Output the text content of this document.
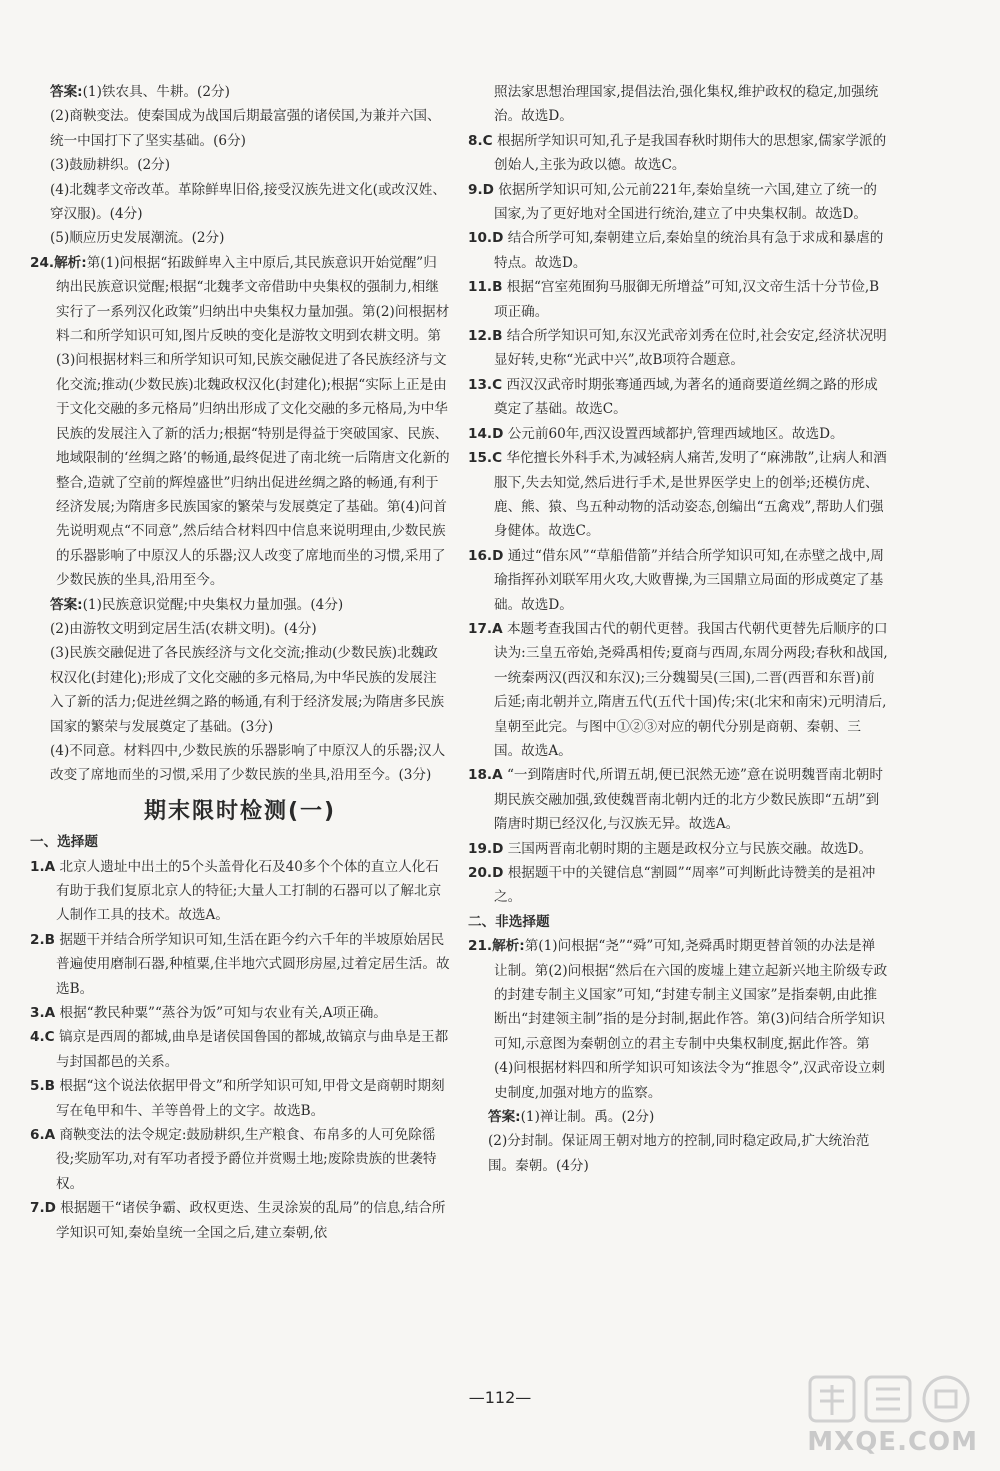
答案:(1)铁农具、牛耕。(2分)

(2)商鞅变法。使秦国成为战国后期最富强的诸侯国,为兼并六国、统一中国打下了坚实基础。(6分)

(3)鼓励耕织。(2分)

(4)北魏孝文帝改革。革除鲜卑旧俗,接受汉族先进文化(或改汉姓、穿汉服)。(4分)

(5)顺应历史发展潮流。(2分)

24.解析:第(1)问根据“拓跋鲜卑入主中原后,其民族意识开始觉醒”归纳出民族意识觉醒;根据“北魏孝文帝借助中央集权的强制力,相继实行了一系列汉化政策”归纳出中央集权力量加强。第(2)问根据材料二和所学知识可知,图片反映的变化是游牧文明到农耕文明。第(3)问根据材料三和所学知识可知,民族交融促进了各民族经济与文化交流;推动(少数民族)北魏政权汉化(封建化);根据“实际上正是由于文化交融的多元格局”归纳出形成了文化交融的多元格局,为中华民族的发展注入了新的活力;根据“特别是得益于突破国家、民族、地域限制的‘丝绸之路’的畅通,最终促进了南北统一后隋唐文化新的整合,造就了空前的辉煌盛世”归纳出促进丝绸之路的畅通,有利于经济发展;为隋唐多民族国家的繁荣与发展奠定了基础。第(4)问首先说明观点“不同意”,然后结合材料四中信息来说明理由,少数民族的乐器影响了中原汉人的乐器;汉人改变了席地而坐的习惯,采用了少数民族的坐具,沿用至今。

答案:(1)民族意识觉醒;中央集权力量加强。(4分)

(2)由游牧文明到定居生活(农耕文明)。(4分)

(3)民族交融促进了各民族经济与文化交流;推动(少数民族)北魏政权汉化(封建化);形成了文化交融的多元格局,为中华民族的发展注入了新的活力;促进丝绸之路的畅通,有利于经济发展;为隋唐多民族国家的繁荣与发展奠定了基础。(3分)

(4)不同意。材料四中,少数民族的乐器影响了中原汉人的乐器;汉人改变了席地而坐的习惯,采用了少数民族的坐具,沿用至今。(3分)

期末限时检测(一)

一、选择题

1.A 北京人遗址中出土的5个头盖骨化石及40多个个体的直立人化石有助于我们复原北京人的特征;大量人工打制的石器可以了解北京人制作工具的技术。故选A。

2.B 据题干并结合所学知识可知,生活在距今约六千年的半坡原始居民普遍使用磨制石器,种植粟,住半地穴式圆形房屋,过着定居生活。故选B。

3.A 根据“教民种粟”“蒸谷为饭”可知与农业有关,A项正确。

4.C 镐京是西周的都城,曲阜是诸侯国鲁国的都城,故镐京与曲阜是王都与封国都邑的关系。

5.B 根据“这个说法依据甲骨文”和所学知识可知,甲骨文是商朝时期刻写在龟甲和牛、羊等兽骨上的文字。故选B。

6.A 商鞅变法的法令规定:鼓励耕织,生产粮食、布帛多的人可免除徭役;奖励军功,对有军功者授予爵位并赏赐土地;废除贵族的世袭特权。

7.D 根据题干“诸侯争霸、政权更迭、生灵涂炭的乱局”的信息,结合所学知识可知,秦始皇统一全国之后,建立秦朝,依

照法家思想治理国家,提倡法治,强化集权,维护政权的稳定,加强统治。故选D。

8.C 根据所学知识可知,孔子是我国春秋时期伟大的思想家,儒家学派的创始人,主张为政以德。故选C。

9.D 依据所学知识可知,公元前221年,秦始皇统一六国,建立了统一的国家,为了更好地对全国进行统治,建立了中央集权制。故选D。

10.D 结合所学可知,秦朝建立后,秦始皇的统治具有急于求成和暴虐的特点。故选D。

11.B 根据“宫室苑囿狗马服御无所增益”可知,汉文帝生活十分节俭,B项正确。

12.B 结合所学知识可知,东汉光武帝刘秀在位时,社会安定,经济状况明显好转,史称“光武中兴”,故B项符合题意。

13.C 西汉汉武帝时期张骞通西域,为著名的通商要道丝绸之路的形成奠定了基础。故选C。

14.D 公元前60年,西汉设置西域都护,管理西域地区。故选D。

15.C 华佗擅长外科手术,为减轻病人痛苦,发明了“麻沸散”,让病人和酒服下,失去知觉,然后进行手术,是世界医学史上的创举;还模仿虎、鹿、熊、猿、鸟五种动物的活动姿态,创编出“五禽戏”,帮助人们强身健体。故选C。

16.D 通过“借东风”“草船借箭”并结合所学知识可知,在赤壁之战中,周瑜指挥孙刘联军用火攻,大败曹操,为三国鼎立局面的形成奠定了基础。故选D。

17.A 本题考查我国古代的朝代更替。我国古代朝代更替先后顺序的口诀为:三皇五帝始,尧舜禹相传;夏商与西周,东周分两段;春秋和战国,一统秦两汉(西汉和东汉);三分魏蜀吴(三国),二晋(西晋和东晋)前后延;南北朝并立,隋唐五代(五代十国)传;宋(北宋和南宋)元明清后,皇朝至此完。与图中①②③对应的朝代分别是商朝、秦朝、三国。故选A。

18.A “一到隋唐时代,所谓五胡,便已泯然无迹”意在说明魏晋南北朝时期民族交融加强,致使魏晋南北朝内迁的北方少数民族即“五胡”到隋唐时期已经汉化,与汉族无异。故选A。

19.D 三国两晋南北朝时期的主题是政权分立与民族交融。故选D。

20.D 根据题干中的关键信息“割圆”“周率”可判断此诗赞美的是祖冲之。

二、非选择题

21.解析:第(1)问根据“尧”“舜”可知,尧舜禹时期更替首领的办法是禅让制。第(2)问根据“然后在六国的废墟上建立起新兴地主阶级专政的封建专制主义国家”可知,“封建专制主义国家”是指秦朝,由此推断出“封建领主制”指的是分封制,据此作答。第(3)问结合所学知识可知,示意图为秦朝创立的君主专制中央集权制度,据此作答。第(4)问根据材料四和所学知识可知该法令为“推恩令”,汉武帝设立刺史制度,加强对地方的监察。

答案:(1)禅让制。禹。(2分)

(2)分封制。保证周王朝对地方的控制,同时稳定政局,扩大统治范围。秦朝。(4分)

—112—
MXQE.COM
